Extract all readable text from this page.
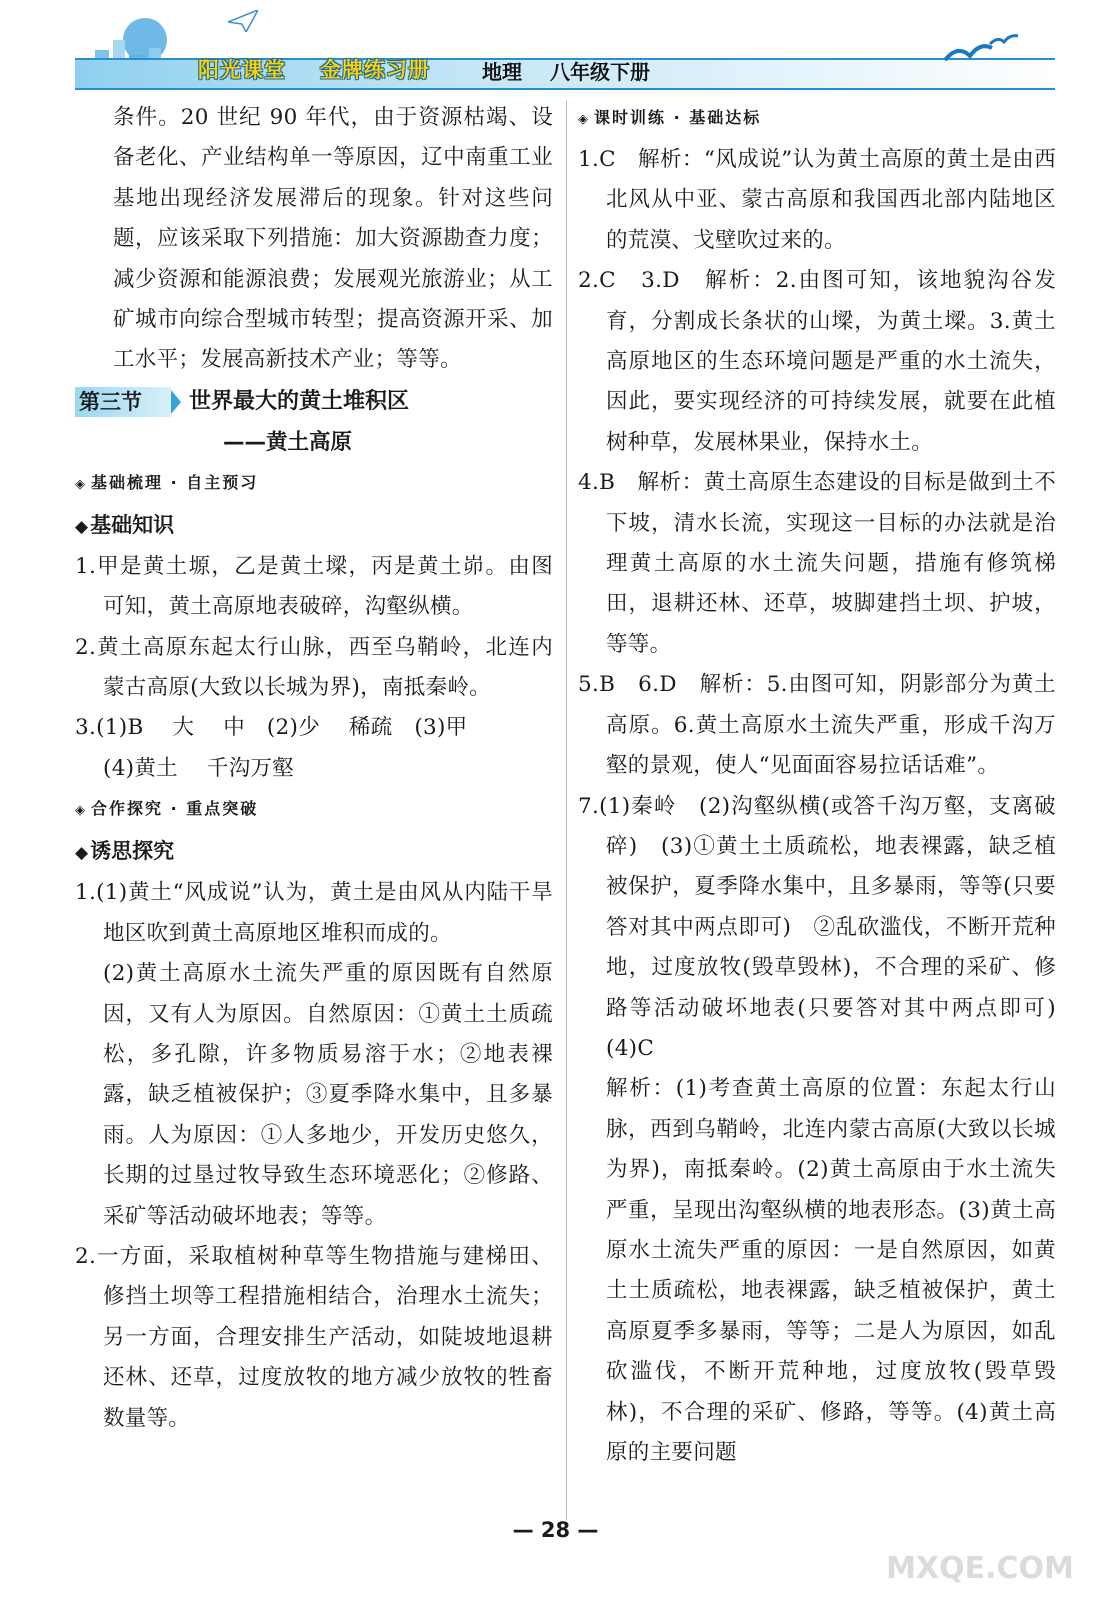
阳光课堂 金牌练习册	地理 八年级下册

条件。20 世纪 90 年代，由于资源枯竭、设备老化、产业结构单一等原因，辽中南重工业基地出现经济发展滞后的现象。针对这些问题，应该采取下列措施：加大资源勘查力度；减少资源和能源浪费；发展观光旅游业；从工矿城市向综合型城市转型；提高资源开采、加工水平；发展高新技术产业；等等。

第三节	世界最大的黄土堆积区

——黄土高原

◈ 基础梳理 · 自主预习

◆基础知识

1.甲是黄土塬，乙是黄土墚，丙是黄土峁。由图可知，黄土高原地表破碎，沟壑纵横。

2.黄土高原东起太行山脉，西至乌鞘岭，北连内蒙古高原(大致以长城为界)，南抵秦岭。

3.(1)B　 大　 中　(2)少　 稀疏　(3)甲

(4)黄土　 千沟万壑

◈ 合作探究 · 重点突破

◆诱思探究

1.(1)黄土“风成说”认为，黄土是由风从内陆干旱地区吹到黄土高原地区堆积而成的。

(2)黄土高原水土流失严重的原因既有自然原因，又有人为原因。自然原因：①黄土土质疏松，多孔隙，许多物质易溶于水；②地表裸露，缺乏植被保护；③夏季降水集中，且多暴雨。人为原因：①人多地少，开发历史悠久，长期的过垦过牧导致生态环境恶化；②修路、采矿等活动破坏地表；等等。

2.一方面，采取植树种草等生物措施与建梯田、修挡土坝等工程措施相结合，治理水土流失；另一方面，合理安排生产活动，如陡坡地退耕还林、还草，过度放牧的地方减少放牧的牲畜数量等。

◈ 课时训练 · 基础达标

1.C　解析：“风成说”认为黄土高原的黄土是由西北风从中亚、蒙古高原和我国西北部内陆地区的荒漠、戈壁吹过来的。

2.C　3.D　解析：2.由图可知，该地貌沟谷发育，分割成长条状的山墚，为黄土墚。3.黄土高原地区的生态环境问题是严重的水土流失，因此，要实现经济的可持续发展，就要在此植树种草，发展林果业，保持水土。

4.B　解析：黄土高原生态建设的目标是做到土不下坡，清水长流，实现这一目标的办法就是治理黄土高原的水土流失问题，措施有修筑梯田，退耕还林、还草，坡脚建挡土坝、护坡，等等。

5.B　6.D　解析：5.由图可知，阴影部分为黄土高原。6.黄土高原水土流失严重，形成千沟万壑的景观，使人“见面面容易拉话话难”。

7.(1)秦岭　(2)沟壑纵横(或答千沟万壑，支离破碎)　(3)①黄土土质疏松，地表裸露，缺乏植被保护，夏季降水集中，且多暴雨，等等(只要答对其中两点即可)　②乱砍滥伐，不断开荒种地，过度放牧(毁草毁林)，不合理的采矿、修路等活动破坏地表(只要答对其中两点即可)　(4)C

解析：(1)考查黄土高原的位置：东起太行山脉，西到乌鞘岭，北连内蒙古高原(大致以长城为界)，南抵秦岭。(2)黄土高原由于水土流失严重，呈现出沟壑纵横的地表形态。(3)黄土高原水土流失严重的原因：一是自然原因，如黄土土质疏松，地表裸露，缺乏植被保护，黄土高原夏季多暴雨，等等；二是人为原因，如乱砍滥伐，不断开荒种地，过度放牧(毁草毁林)，不合理的采矿、修路，等等。(4)黄土高原的主要问题

— 28 —
MXQE.COM
